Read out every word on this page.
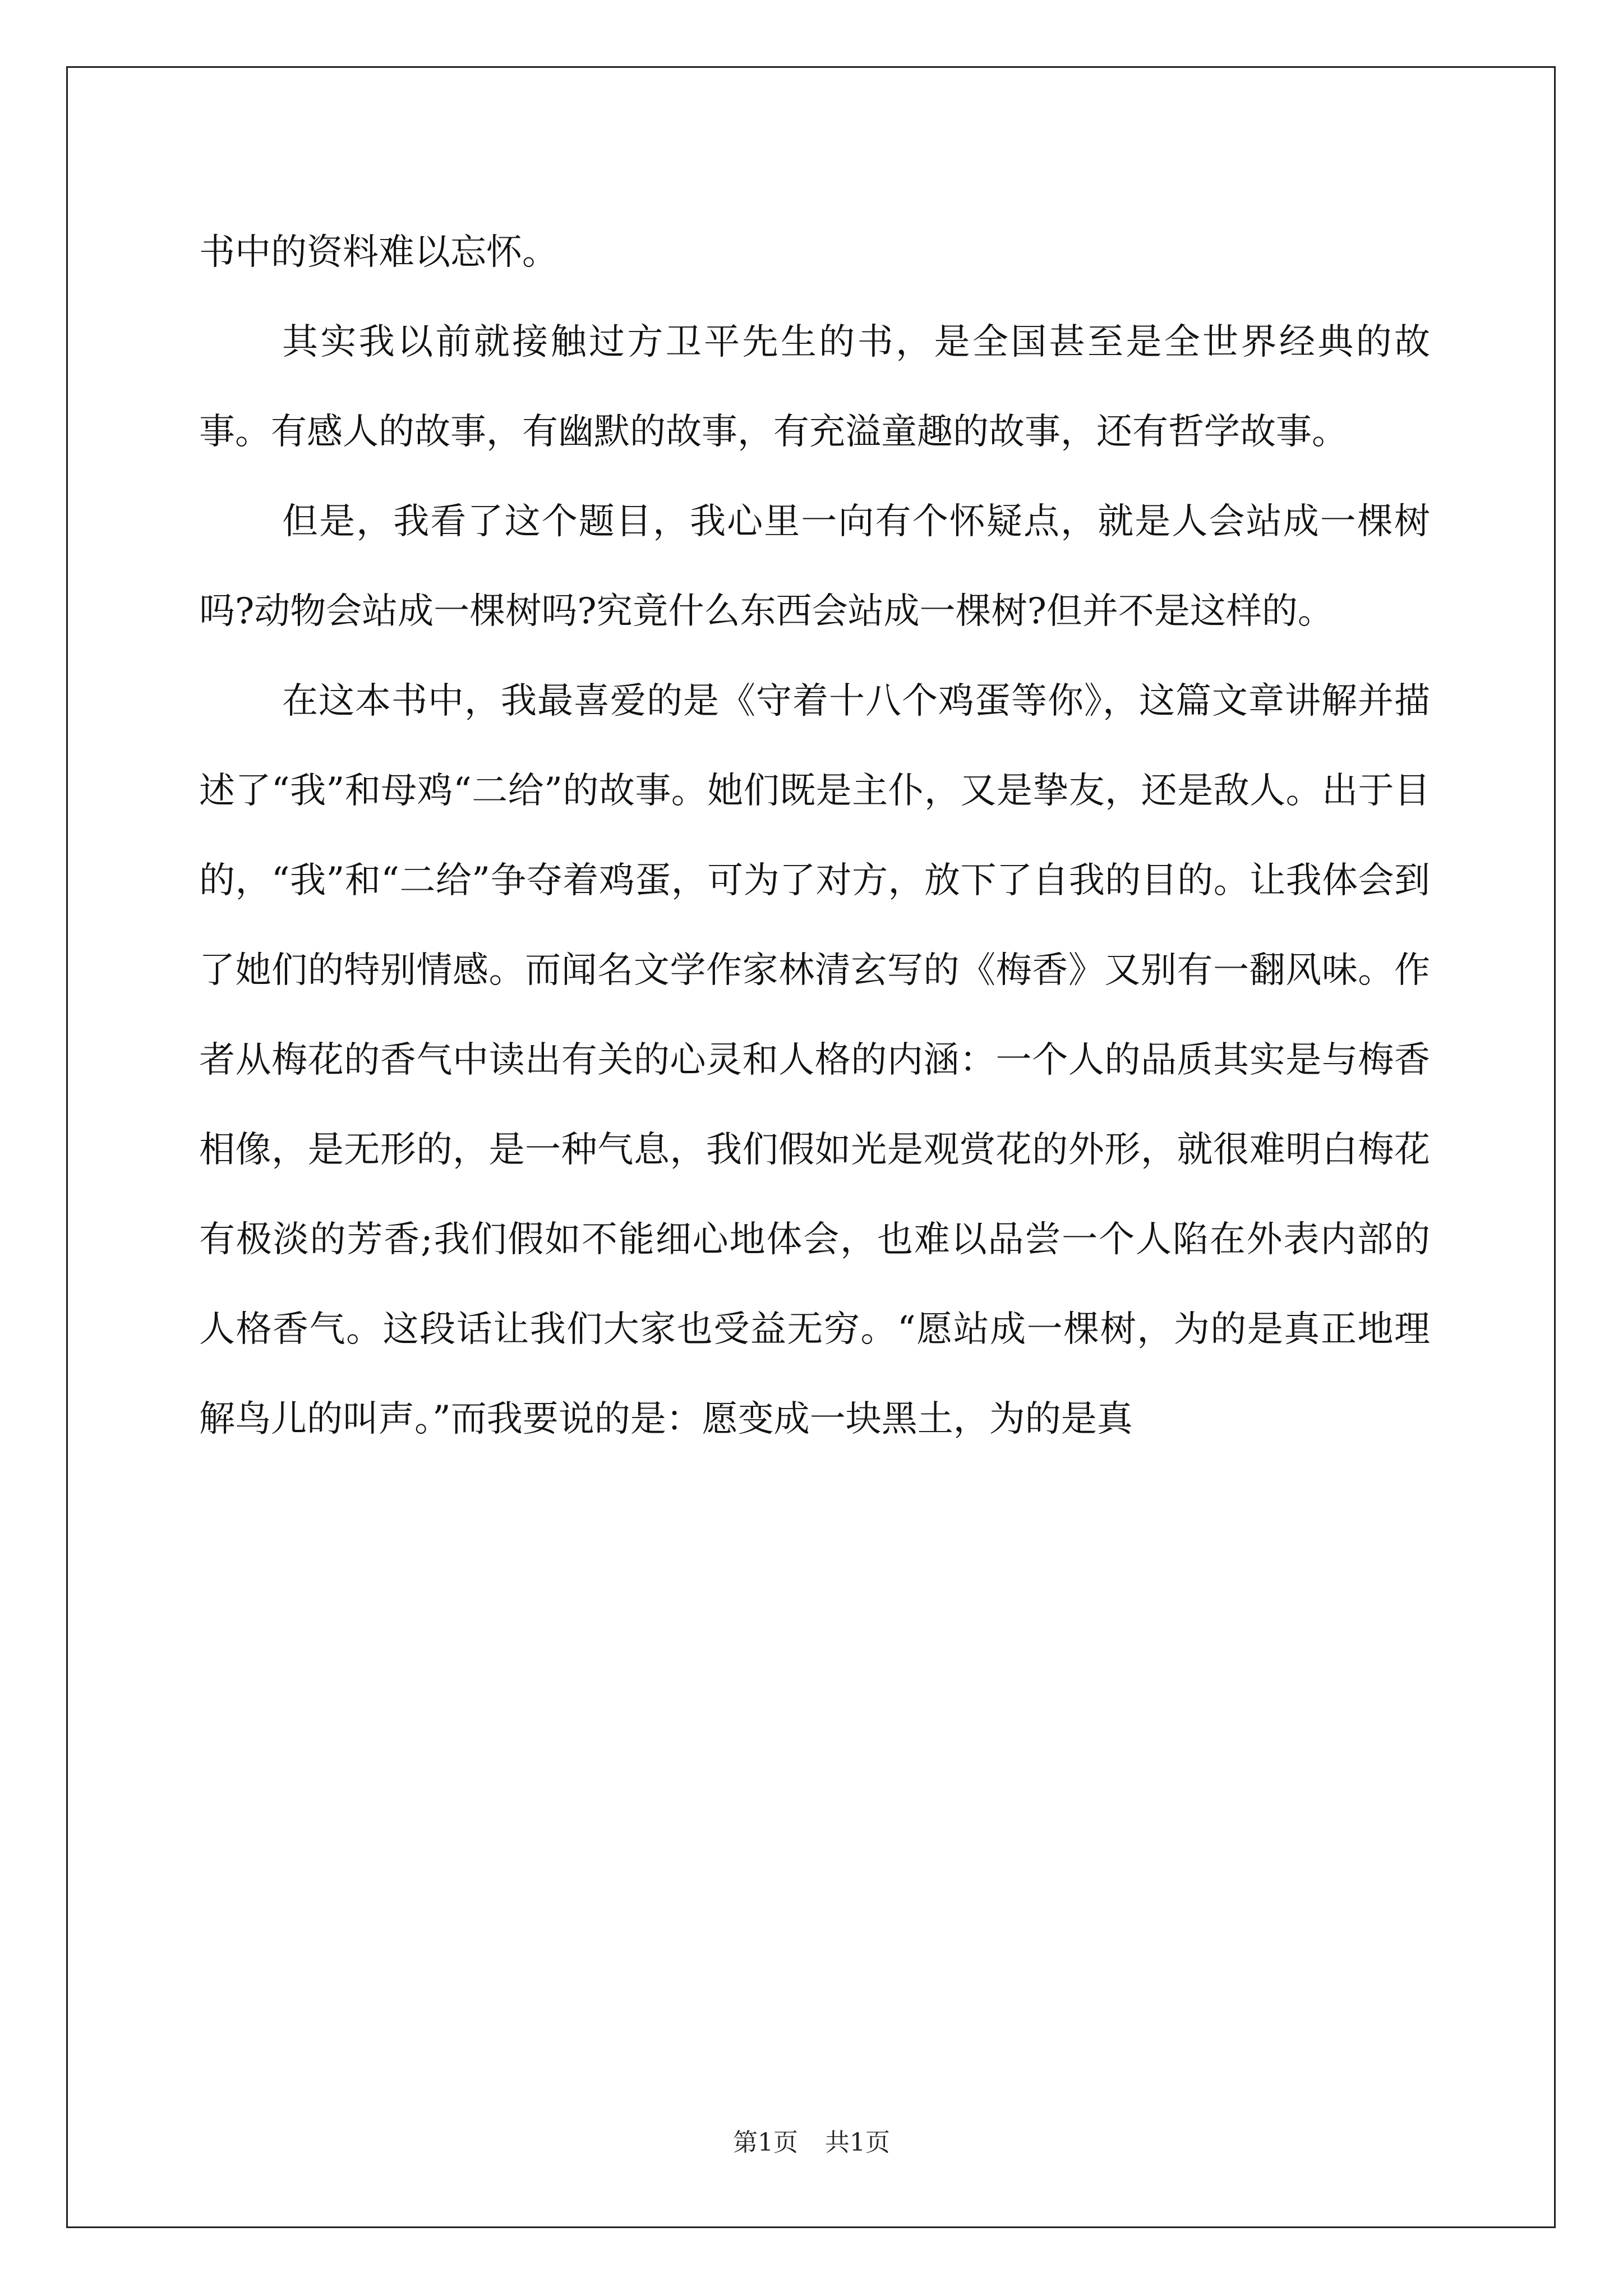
书中的资料难以忘怀。

其实我以前就接触过方卫平先生的书，是全国甚至是全世界经典的故事。有感人的故事，有幽默的故事，有充溢童趣的故事，还有哲学故事。

但是，我看了这个题目，我心里一向有个怀疑点，就是人会站成一棵树吗?动物会站成一棵树吗?究竟什么东西会站成一棵树?但并不是这样的。

在这本书中，我最喜爱的是《守着十八个鸡蛋等你》，这篇文章讲解并描述了“我”和母鸡“二给”的故事。她们既是主仆，又是挚友，还是敌人。出于目的，“我”和“二给”争夺着鸡蛋，可为了对方，放下了自我的目的。让我体会到了她们的特别情感。而闻名文学作家林清玄写的《梅香》又别有一翻风味。作者从梅花的香气中读出有关的心灵和人格的内涵：一个人的品质其实是与梅香相像，是无形的，是一种气息，我们假如光是观赏花的外形，就很难明白梅花有极淡的芳香;我们假如不能细心地体会，也难以品尝一个人陷在外表内部的人格香气。这段话让我们大家也受益无穷。“愿站成一棵树，为的是真正地理解鸟儿的叫声。”而我要说的是：愿变成一块黑土，为的是真

第1页 共1页
